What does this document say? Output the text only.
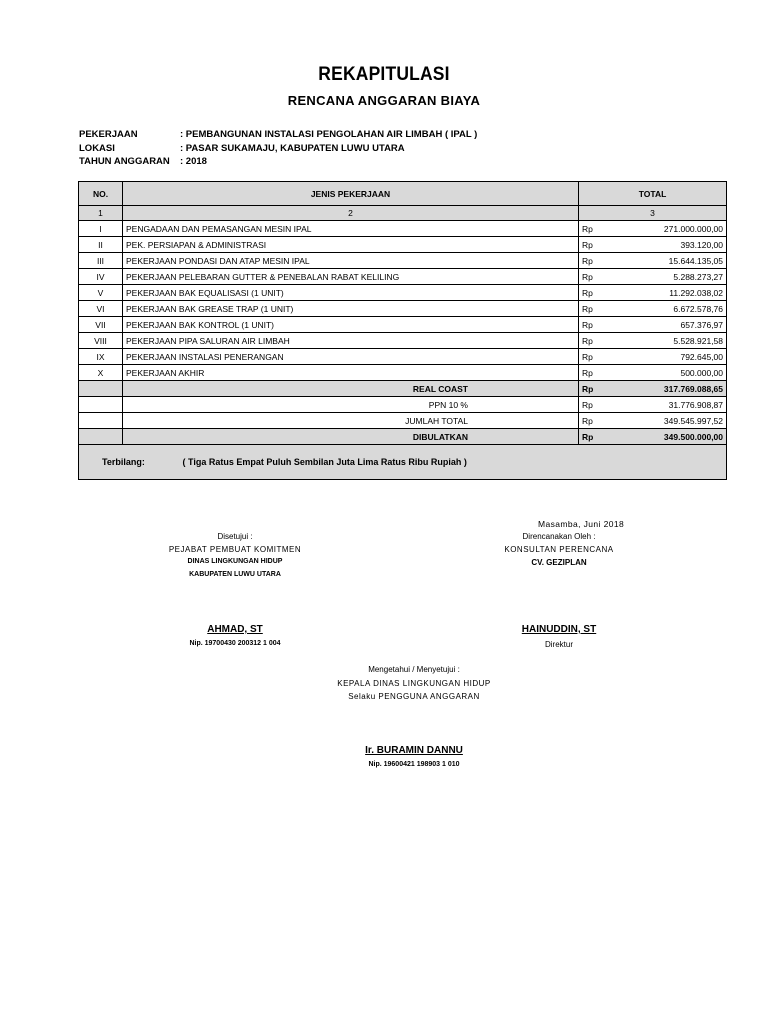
REKAPITULASI
RENCANA ANGGARAN BIAYA
PEKERJAAN	: PEMBANGUNAN INSTALASI PENGOLAHAN AIR LIMBAH ( IPAL )
LOKASI	: PASAR SUKAMAJU, KABUPATEN LUWU UTARA
TAHUN ANGGARAN : 2018
NO.	JENIS PEKERJAAN	TOTAL	
1	2	3	
I	PENGADAAN DAN PEMASANGAN MESIN IPAL	Rp	271.000.000,00
II	PEK. PERSIAPAN & ADMINISTRASI	Rp	393.120,00
III	PEKERJAAN PONDASI DAN ATAP MESIN IPAL	Rp	15.644.135,05
IV	PEKERJAAN PELEBARAN GUTTER & PENEBALAN RABAT KELILING	Rp	5.288.273,27
V	PEKERJAAN BAK EQUALISASI (1 UNIT)	Rp	11.292.038,02
VI	PEKERJAAN BAK GREASE TRAP (1 UNIT)	Rp	6.672.578,76
VII	PEKERJAAN BAK KONTROL (1 UNIT)	Rp	657.376,97
VIII	PEKERJAAN PIPA SALURAN AIR LIMBAH	Rp	5.528.921,58
IX	PEKERJAAN INSTALASI PENERANGAN	Rp	792.645,00
X	PEKERJAAN AKHIR	Rp	500.000,00
	REAL COAST	Rp	317.769.088,65
	PPN 10 %	Rp	31.776.908,87
	JUMLAH TOTAL	Rp	349.545.997,52
	DIBULATKAN	Rp	349.500.000,00
Terbilang: ( Tiga Ratus Empat Puluh Sembilan Juta Lima Ratus Ribu Rupiah )			
Masamba, Juni 2018
Disetujui :
PEJABAT PEMBUAT KOMITMEN
DINAS LINGKUNGAN HIDUP
KABUPATEN LUWU UTARA
Direncanakan Oleh :
KONSULTAN PERENCANA
CV. GEZIPLAN
AHMAD, ST
Nip. 19700430 200312 1 004
HAINUDDIN, ST
Direktur
Mengetahui / Menyetujui :
KEPALA DINAS LINGKUNGAN HIDUP
Selaku PENGGUNA ANGGARAN
Ir. BURAMIN DANNU
Nip. 19600421 198903 1 010
